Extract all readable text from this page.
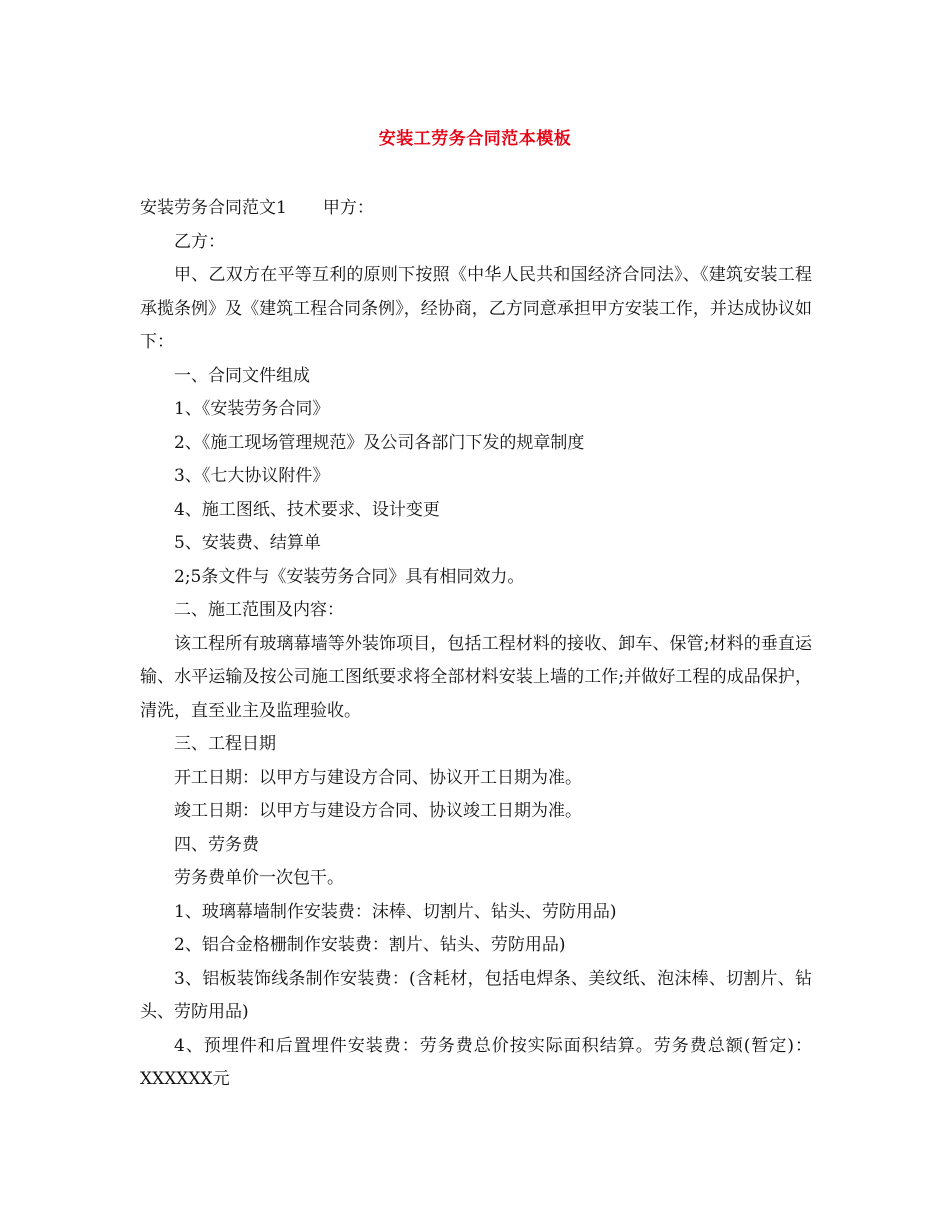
安装工劳务合同范本模板

安装劳务合同范文1 甲方：

乙方：

甲、乙双方在平等互利的原则下按照《中华人民共和国经济合同法》、《建筑安装工程承揽条例》及《建筑工程合同条例》，经协商，乙方同意承担甲方安装工作，并达成协议如下：

一、合同文件组成

1、《安装劳务合同》

2、《施工现场管理规范》及公司各部门下发的规章制度

3、《七大协议附件》

4、施工图纸、技术要求、设计变更

5、安装费、结算单

2;5条文件与《安装劳务合同》具有相同效力。

二、施工范围及内容：

该工程所有玻璃幕墙等外装饰项目，包括工程材料的接收、卸车、保管;材料的垂直运输、水平运输及按公司施工图纸要求将全部材料安装上墙的工作;并做好工程的成品保护，清洗，直至业主及监理验收。

三、工程日期

开工日期：以甲方与建设方合同、协议开工日期为准。

竣工日期：以甲方与建设方合同、协议竣工日期为准。

四、劳务费

劳务费单价一次包干。

1、玻璃幕墙制作安装费：沫棒、切割片、钻头、劳防用品)

2、铝合金格栅制作安装费：割片、钻头、劳防用品)

3、铝板装饰线条制作安装费：(含耗材，包括电焊条、美纹纸、泡沫棒、切割片、钻头、劳防用品)

4、预埋件和后置埋件安装费：劳务费总价按实际面积结算。劳务费总额(暂定)：XXXXXX元
